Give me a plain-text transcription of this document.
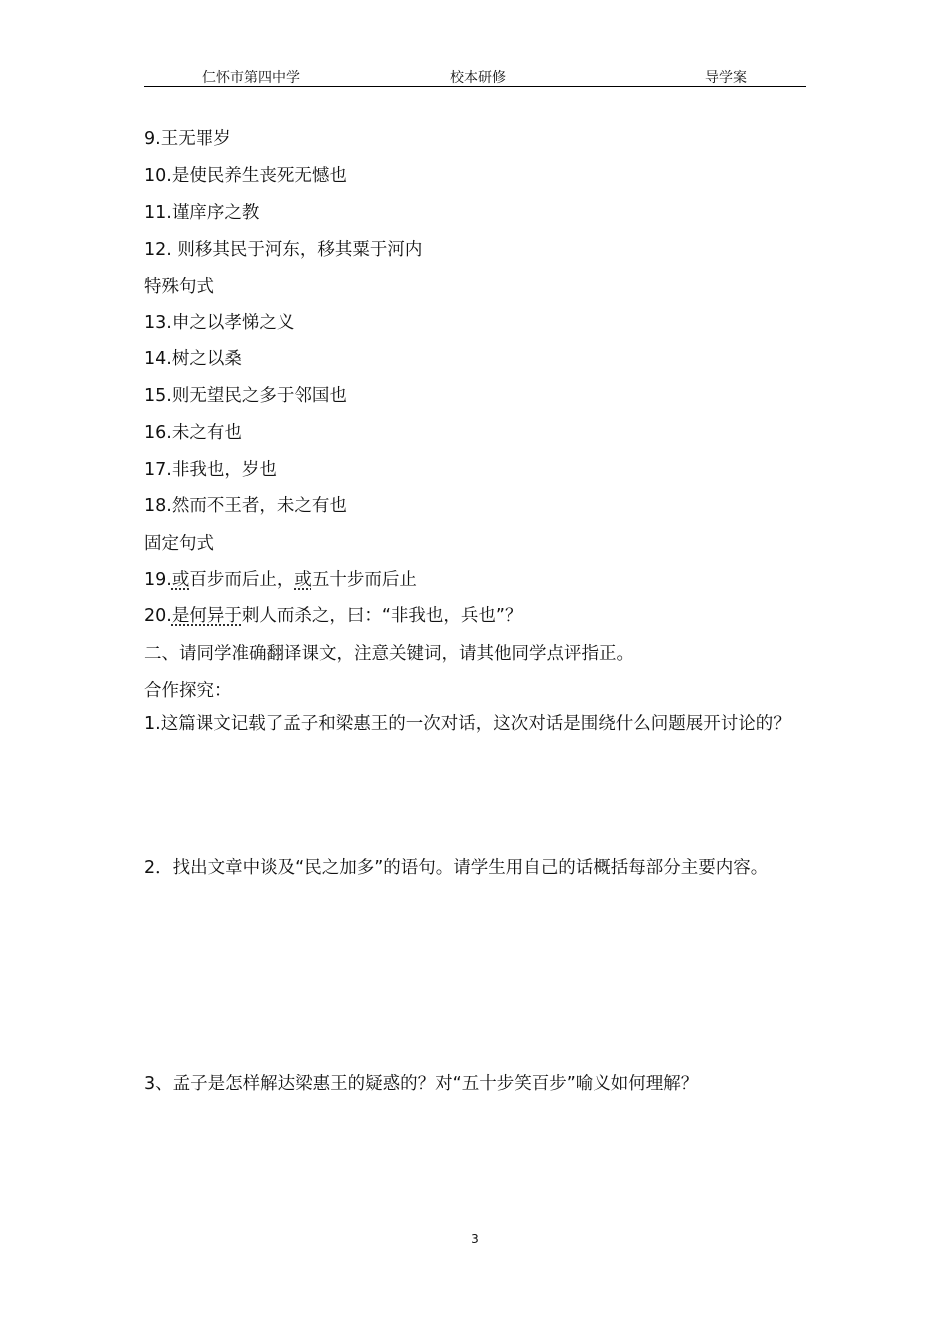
仁怀市第四中学	校本研修	导学案
9.王无罪岁
10.是使民养生丧死无憾也
11.谨庠序之教
12. 则移其民于河东，移其粟于河内
特殊句式
13.申之以孝悌之义
14.树之以桑
15.则无望民之多于邻国也
16.未之有也
17.非我也，岁也
18.然而不王者，未之有也
固定句式
19.或百步而后止，或五十步而后止
20.是何异于刺人而杀之，曰：“非我也，兵也”？
二、请同学准确翻译课文，注意关键词，请其他同学点评指正。
合作探究：
1.这篇课文记载了孟子和梁惠王的一次对话，这次对话是围绕什么问题展开讨论的？
2．找出文章中谈及“民之加多”的语句。请学生用自己的话概括每部分主要内容。
3、孟子是怎样解达梁惠王的疑惑的？对“五十步笑百步”喻义如何理解？
3
